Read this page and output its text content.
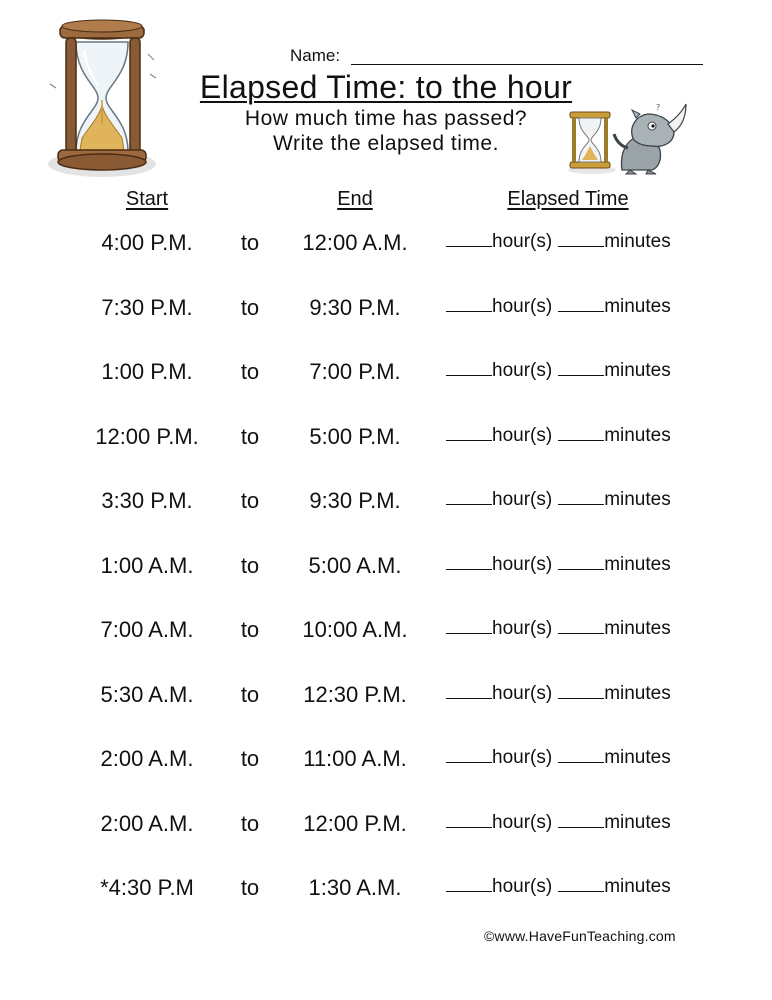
?
Name:
Elapsed Time: to the hour
How much time has passed?
Write the elapsed time.
Start	End	Elapsed Time
4:00 P.M.	to	12:00 A.M.	hour(s)	minutes
7:30 P.M.	to	9:30 P.M.	hour(s)	minutes
1:00 P.M.	to	7:00 P.M.	hour(s)	minutes
12:00 P.M.	to	5:00 P.M.	hour(s)	minutes
3:30 P.M.	to	9:30 P.M.	hour(s)	minutes
1:00 A.M.	to	5:00 A.M.	hour(s)	minutes
7:00 A.M.	to	10:00 A.M.	hour(s)	minutes
5:30 A.M.	to	12:30 P.M.	hour(s)	minutes
2:00 A.M.	to	11:00 A.M.	hour(s)	minutes
2:00 A.M.	to	12:00 P.M.	hour(s)	minutes
*4:30 P.M	to	1:30 A.M.	hour(s)	minutes
©www.HaveFunTeaching.com
